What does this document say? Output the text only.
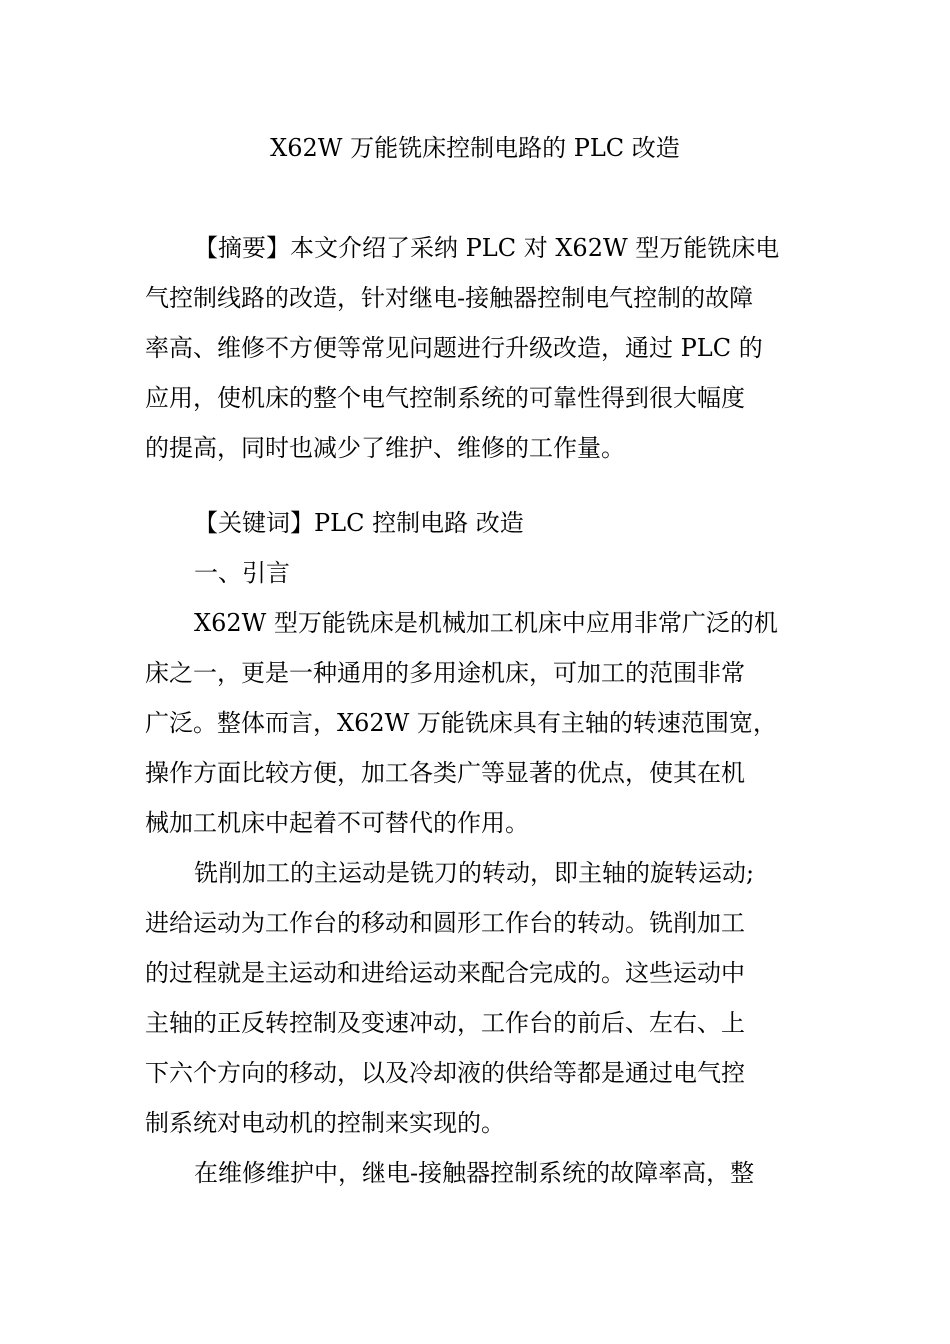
X62W 万能铣床控制电路的 PLC 改造
【摘要】本文介绍了采纳 PLC 对 X62W 型万能铣床电
气控制线路的改造，针对继电-接触器控制电气控制的故障
率高、维修不方便等常见问题进行升级改造，通过 PLC 的
应用，使机床的整个电气控制系统的可靠性得到很大幅度
的提高，同时也减少了维护、维修的工作量。
【关键词】PLC 控制电路 改造
一、引言
X62W 型万能铣床是机械加工机床中应用非常广泛的机
床之一，更是一种通用的多用途机床，可加工的范围非常
广泛。整体而言，X62W 万能铣床具有主轴的转速范围宽，
操作方面比较方便，加工各类广等显著的优点，使其在机
械加工机床中起着不可替代的作用。
铣削加工的主运动是铣刀的转动，即主轴的旋转运动;
进给运动为工作台的移动和圆形工作台的转动。铣削加工
的过程就是主运动和进给运动来配合完成的。这些运动中
主轴的正反转控制及变速冲动，工作台的前后、左右、上
下六个方向的移动，以及冷却液的供给等都是通过电气控
制系统对电动机的控制来实现的。
在维修维护中，继电-接触器控制系统的故障率高，整
